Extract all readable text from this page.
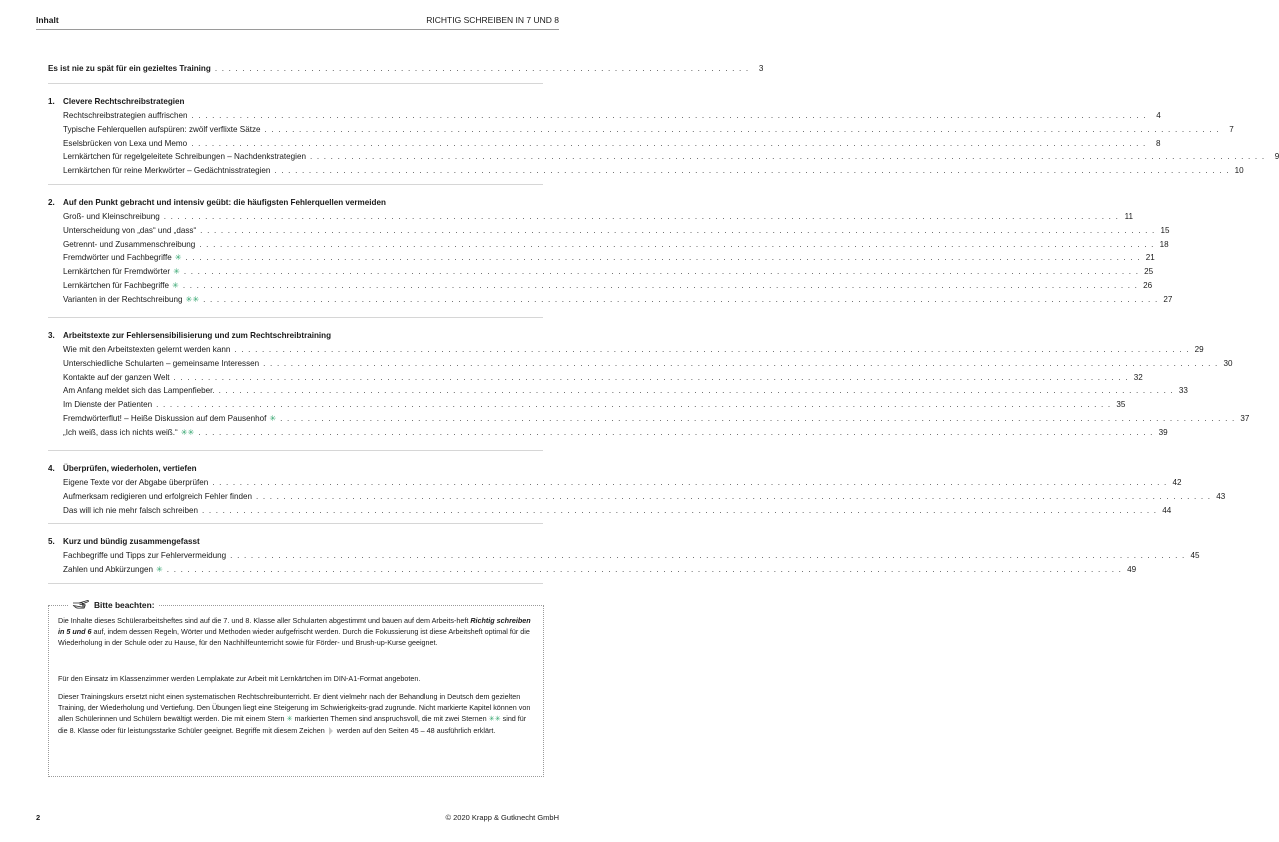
Inhalt	RICHTIG SCHREIBEN IN 7 UND 8
Es ist nie zu spät für ein gezieltes Training . . . . . . . . . . . . . . . . . . . . . . . . . . . . . . . . . . . . . . . . . . . . . . . . . . . . . . . . . . . . . . . . . . . . . . . . . . . . . .	3
1. Clevere Rechtschreibstrategien
Rechtschreibstrategien auffrischen . . . . . . . . . . . . . . . . . . . . . . . . . . . . . . . . . . . . . . . . . . . . . . . . . . . . . . . . . . . . . . . . . . . . . . . . . . . . . . . . . . . . . . . . . . . . . . . . . . . . . . . . . . . . . . . . . . . . . . . . . . . . . . . . . . . . . . . . . . .	4
Typische Fehlerquellen aufspüren: zwölf verflixte Sätze . . . . . . . . . . . . . . . . . . . . . . . . . . . . . . . . . . . . . . . . . . . . . . . . . . . . . . . . . . . . . . . . . . . . . . . . . . . . . . . . . . . . . . . . . . . . . . . . . . . . . . . . . . . . . . . . . . . . . . . . . . . . . . . . . . . . . . . . . . .	7
Eselsbrücken von Lexa und Memo . . . . . . . . . . . . . . . . . . . . . . . . . . . . . . . . . . . . . . . . . . . . . . . . . . . . . . . . . . . . . . . . . . . . . . . . . . . . . . . . . . . . . . . . . . . . . . . . . . . . . . . . . . . . . . . . . . . . . . . . . . . . . . . . . . . . . . . . . . .	8
Lernkärtchen für regelgeleitete Schreibungen – Nachdenkstrategien . . . . . . . . . . . . . . . . . . . . . . . . . . . . . . . . . . . . . . . . . . . . . . . . . . . . . . . . . . . . . . . . . . . . . . . . . . . . . . . . . . . . . . . . . . . . . . . . . . . . . . . . . . . . . . . . . . . . . . . . . . . . . . . . . . . . . . . . . . .	9
Lernkärtchen für reine Merkwörter – Gedächtnisstrategien . . . . . . . . . . . . . . . . . . . . . . . . . . . . . . . . . . . . . . . . . . . . . . . . . . . . . . . . . . . . . . . . . . . . . . . . . . . . . . . . . . . . . . . . . . . . . . . . . . . . . . . . . . . . . . . . . . . . . . . . . . . . . . . . . . . . . . . . . . . 10
2. Auf den Punkt gebracht und intensiv geübt: die häufigsten Fehlerquellen vermeiden
Groß- und Kleinschreibung . . . . . . . . . . . . . . . . . . . . . . . . . . . . . . . . . . . . . . . . . . . . . . . . . . . . . . . . . . . . . . . . . . . . . . . . . . . . . . . . . . . . . . . . . . . . . . . . . . . . . . . . . . . . . . . . . . . . . . . . . . . . . . . . . . . . . . . . . . . 11
Unterscheidung von „das“ und „dass“ . . . . . . . . . . . . . . . . . . . . . . . . . . . . . . . . . . . . . . . . . . . . . . . . . . . . . . . . . . . . . . . . . . . . . . . . . . . . . . . . . . . . . . . . . . . . . . . . . . . . . . . . . . . . . . . . . . . . . . . . . . . . . . . . . . . . . . . . . . . 15
Getrennt- und Zusammenschreibung . . . . . . . . . . . . . . . . . . . . . . . . . . . . . . . . . . . . . . . . . . . . . . . . . . . . . . . . . . . . . . . . . . . . . . . . . . . . . . . . . . . . . . . . . . . . . . . . . . . . . . . . . . . . . . . . . . . . . . . . . . . . . . . . . . . . . . . . . . . 18
Fremdwörter und Fachbegriffe ✳ . . . . . . . . . . . . . . . . . . . . . . . . . . . . . . . . . . . . . . . . . . . . . . . . . . . . . . . . . . . . . . . . . . . . . . . . . . . . . . . . . . . . . . . . . . . . . . . . . . . . . . . . . . . . . . . . . . . . . . . . . . . . . . . . . . . . . . . . . . . 21
Lernkärtchen für Fremdwörter ✳ . . . . . . . . . . . . . . . . . . . . . . . . . . . . . . . . . . . . . . . . . . . . . . . . . . . . . . . . . . . . . . . . . . . . . . . . . . . . . . . . . . . . . . . . . . . . . . . . . . . . . . . . . . . . . . . . . . . . . . . . . . . . . . . . . . . . . . . . . . . 25
Lernkärtchen für Fachbegriffe ✳ . . . . . . . . . . . . . . . . . . . . . . . . . . . . . . . . . . . . . . . . . . . . . . . . . . . . . . . . . . . . . . . . . . . . . . . . . . . . . . . . . . . . . . . . . . . . . . . . . . . . . . . . . . . . . . . . . . . . . . . . . . . . . . . . . . . . . . . . . . . 26
Varianten in der Rechtschreibung ✳✳ . . . . . . . . . . . . . . . . . . . . . . . . . . . . . . . . . . . . . . . . . . . . . . . . . . . . . . . . . . . . . . . . . . . . . . . . . . . . . . . . . . . . . . . . . . . . . . . . . . . . . . . . . . . . . . . . . . . . . . . . . . . . . . . . . . . . . . . . . . . 27
3. Arbeitstexte zur Fehlersensibilisierung und zum Rechtschreibtraining
Wie mit den Arbeitstexten gelernt werden kann . . . . . . . . . . . . . . . . . . . . . . . . . . . . . . . . . . . . . . . . . . . . . . . . . . . . . . . . . . . . . . . . . . . . . . . . . . . . . . . . . . . . . . . . . . . . . . . . . . . . . . . . . . . . . . . . . . . . . . . . . . . . . . . . . . . . . . . . . . . 29
Unterschiedliche Schularten – gemeinsame Interessen . . . . . . . . . . . . . . . . . . . . . . . . . . . . . . . . . . . . . . . . . . . . . . . . . . . . . . . . . . . . . . . . . . . . . . . . . . . . . . . . . . . . . . . . . . . . . . . . . . . . . . . . . . . . . . . . . . . . . . . . . . . . . . . . . . . . . . . . . . . 30
Kontakte auf der ganzen Welt . . . . . . . . . . . . . . . . . . . . . . . . . . . . . . . . . . . . . . . . . . . . . . . . . . . . . . . . . . . . . . . . . . . . . . . . . . . . . . . . . . . . . . . . . . . . . . . . . . . . . . . . . . . . . . . . . . . . . . . . . . . . . . . . . . . . . . . . . . . 32
Am Anfang meldet sich das Lampenfieber. . . . . . . . . . . . . . . . . . . . . . . . . . . . . . . . . . . . . . . . . . . . . . . . . . . . . . . . . . . . . . . . . . . . . . . . . . . . . . . . . . . . . . . . . . . . . . . . . . . . . . . . . . . . . . . . . . . . . . . . . . . . . . . . . . . . . . . . . . . . 33
Im Dienste der Patienten . . . . . . . . . . . . . . . . . . . . . . . . . . . . . . . . . . . . . . . . . . . . . . . . . . . . . . . . . . . . . . . . . . . . . . . . . . . . . . . . . . . . . . . . . . . . . . . . . . . . . . . . . . . . . . . . . . . . . . . . . . . . . . . . . . . . . . . . . . . 35
Fremdwörterflut! – Heiße Diskussion auf dem Pausenhof ✳ . . . . . . . . . . . . . . . . . . . . . . . . . . . . . . . . . . . . . . . . . . . . . . . . . . . . . . . . . . . . . . . . . . . . . . . . . . . . . . . . . . . . . . . . . . . . . . . . . . . . . . . . . . . . . . . . . . . . . . . . . . . . . . . . . . . . . . . . . . . 37
„Ich weiß, dass ich nichts weiß.“ ✳✳ . . . . . . . . . . . . . . . . . . . . . . . . . . . . . . . . . . . . . . . . . . . . . . . . . . . . . . . . . . . . . . . . . . . . . . . . . . . . . . . . . . . . . . . . . . . . . . . . . . . . . . . . . . . . . . . . . . . . . . . . . . . . . . . . . . . . . . . . . . . 39
4. Überprüfen, wiederholen, vertiefen
Eigene Texte vor der Abgabe überprüfen . . . . . . . . . . . . . . . . . . . . . . . . . . . . . . . . . . . . . . . . . . . . . . . . . . . . . . . . . . . . . . . . . . . . . . . . . . . . . . . . . . . . . . . . . . . . . . . . . . . . . . . . . . . . . . . . . . . . . . . . . . . . . . . . . . . . . . . . . . . 42
Aufmerksam redigieren und erfolgreich Fehler finden . . . . . . . . . . . . . . . . . . . . . . . . . . . . . . . . . . . . . . . . . . . . . . . . . . . . . . . . . . . . . . . . . . . . . . . . . . . . . . . . . . . . . . . . . . . . . . . . . . . . . . . . . . . . . . . . . . . . . . . . . . . . . . . . . . . . . . . . . . . 43
Das will ich nie mehr falsch schreiben . . . . . . . . . . . . . . . . . . . . . . . . . . . . . . . . . . . . . . . . . . . . . . . . . . . . . . . . . . . . . . . . . . . . . . . . . . . . . . . . . . . . . . . . . . . . . . . . . . . . . . . . . . . . . . . . . . . . . . . . . . . . . . . . . . . . . . . . . . . 44
5. Kurz und bündig zusammengefasst
Fachbegriffe und Tipps zur Fehlervermeidung . . . . . . . . . . . . . . . . . . . . . . . . . . . . . . . . . . . . . . . . . . . . . . . . . . . . . . . . . . . . . . . . . . . . . . . . . . . . . . . . . . . . . . . . . . . . . . . . . . . . . . . . . . . . . . . . . . . . . . . . . . . . . . . . . . . . . . . . . . . 45
Zahlen und Abkürzungen ✳ . . . . . . . . . . . . . . . . . . . . . . . . . . . . . . . . . . . . . . . . . . . . . . . . . . . . . . . . . . . . . . . . . . . . . . . . . . . . . . . . . . . . . . . . . . . . . . . . . . . . . . . . . . . . . . . . . . . . . . . . . . . . . . . . . . . . . . . . . . . 49
Bitte beachten:

Die Inhalte dieses Schülerarbeitsheftes sind auf die 7. und 8. Klasse aller Schularten abgestimmt und bauen auf dem Arbeits-heft Richtig schreiben in 5 und 6 auf, indem dessen Regeln, Wörter und Methoden wieder aufgefrischt werden. Durch die Fokussierung ist diese Arbeitsheft optimal für die Wiederholung in der Schule oder zu Hause, für den Nachhilfeunterricht sowie für Förder- und Brush-up-Kurse geeignet.

Für den Einsatz im Klassenzimmer werden Lernplakate zur Arbeit mit Lernkärtchen im DIN-A1-Format angeboten.

Dieser Trainingskurs ersetzt nicht einen systematischen Rechtschreibunterricht. Er dient vielmehr nach der Behandlung in Deutsch dem gezielten Training, der Wiederholung und Vertiefung. Den Übungen liegt eine Steigerung im Schwierigkeits-grad zugrunde. Nicht markierte Kapitel können von allen Schülerinnen und Schülern bewältigt werden. Die mit einem Stern ✳ markierten Themen sind anspruchsvoll, die mit zwei Sternen ✳✳ sind für die 8. Klasse oder für leistungsstarke Schüler geeignet. Begriffe mit diesem Zeichen  werden auf den Seiten 45 – 48 ausführlich erklärt.

2	© 2020 Krapp & Gutknecht GmbH
